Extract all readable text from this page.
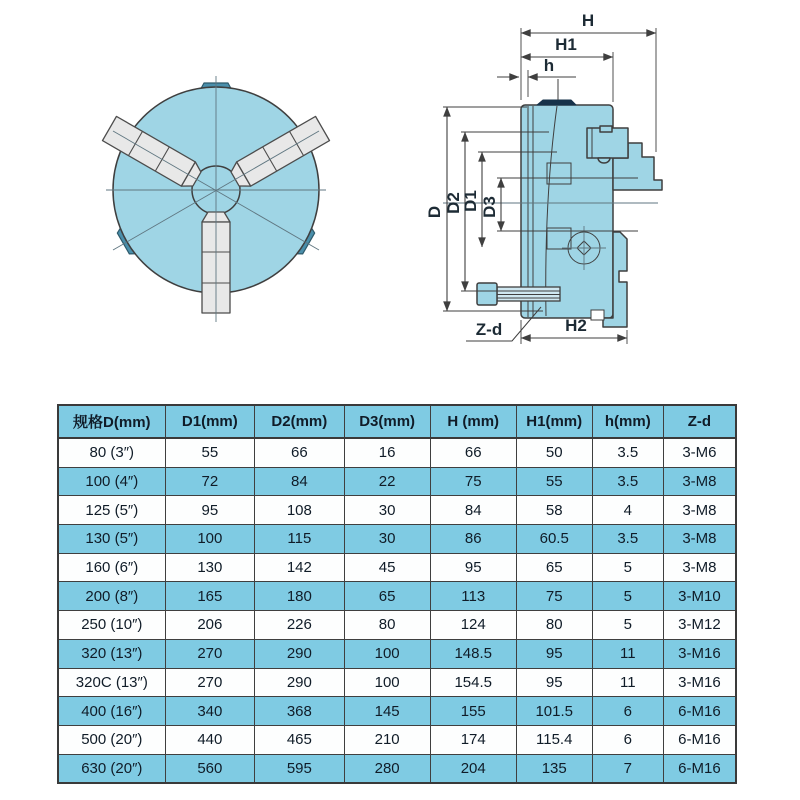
H
H1
h
D D2
D1 D3
H2
Z-d
规格D(mm)	D1(mm)	D2(mm)	D3(mm)	H (mm)	H1(mm)	h(mm)	Z-d
80 (3″)	55	66	16	66	50	3.5	3-M6
100 (4″)	72	84	22	75	55	3.5	3-M8
125 (5″)	95	108	30	84	58	4	3-M8
130 (5″)	100	115	30	86	60.5	3.5	3-M8
160 (6″)	130	142	45	95	65	5	3-M8
200 (8″)	165	180	65	113	75	5	3-M10
250 (10″)	206	226	80	124	80	5	3-M12
320 (13″)	270	290	100	148.5	95	11	3-M16
320C (13″)	270	290	100	154.5	95	11	3-M16
400 (16″)	340	368	145	155	101.5	6	6-M16
500 (20″)	440	465	210	174	115.4	6	6-M16
630 (20″)	560	595	280	204	135	7	6-M16
